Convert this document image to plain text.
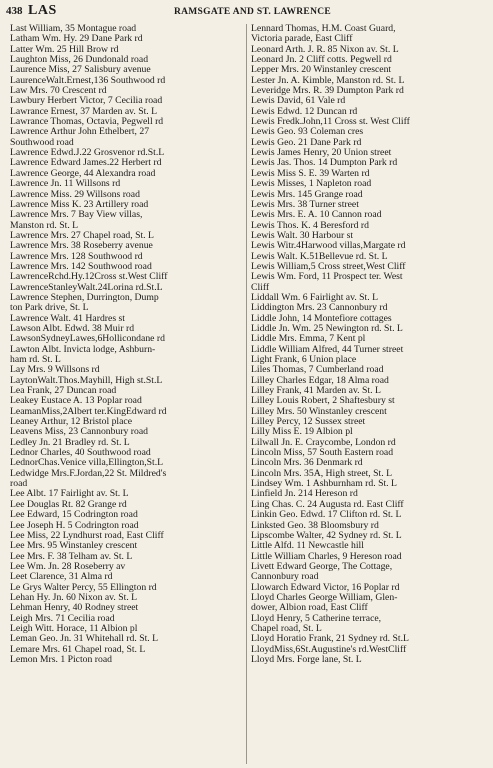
438 LAS	RAMSGATE AND ST. LAWRENCE
Last William, 35 Montague road
Latham Wm. Hy. 29 Dane Park rd
Latter Wm. 25 Hill Brow rd
Laughton Miss, 26 Dundonald road
Laurence Miss, 27 Salisbury avenue
LaurenceWalt.Ernest,136 Southwood rd
Law Mrs. 70 Crescent rd
Lawbury Herbert Victor, 7 Cecilia road
Lawrance Ernest, 37 Marden av. St. L
Lawrance Thomas, Octavia, Pegwell rd
Lawrence Arthur John Ethelbert, 27
Southwood road
Lawrence Edwd.J.22 Grosvenor rd.St.L
Lawrence Edward James.22 Herbert rd
Lawrence George, 44 Alexandra road
Lawrence Jn. 11 Willsons rd
Lawrence Miss. 29 Willsons road
Lawrence Miss K. 23 Artillery road
Lawrence Mrs. 7 Bay View villas,
Manston rd. St. L
Lawrence Mrs. 27 Chapel road, St. L
Lawrence Mrs. 38 Roseberry avenue
Lawrence Mrs. 128 Southwood rd
Lawrence Mrs. 142 Southwood road
LawrenceRchd.Hy.12Cross st.West Cliff
LawrenceStanleyWalt.24Lorina rd.St.L
Lawrence Stephen, Durrington, Dump
ton Park drive, St. L
Lawrence Walt. 41 Hardres st
Lawson Albt. Edwd. 38 Muir rd
LawsonSydneyLawes,6Hollicondane rd
Lawton Albt. Invicta lodge, Ashburn-
ham rd. St. L
Lay Mrs. 9 Willsons rd
LaytonWalt.Thos.Mayhill, High st.St.L
Lea Frank, 27 Duncan road
Leakey Eustace A. 13 Poplar road
LeamanMiss,2Albert ter.KingEdward rd
Leaney Arthur, 12 Bristol place
Leavens Miss, 23 Cannonbury road
Ledley Jn. 21 Bradley rd. St. L
Lednor Charles, 40 Southwood road
LednorChas.Venice villa,Ellington,St.L
Ledwidge Mrs.F.Jordan,22 St. Mildred's
road
Lee Albt. 17 Fairlight av. St. L
Lee Douglas Rt. 82 Grange rd
Lee Edward, 15 Codrington road
Lee Joseph H. 5 Codrington road
Lee Miss, 22 Lyndhurst road, East Cliff
Lee Mrs. 95 Winstanley crescent
Lee Mrs. F. 38 Telham av. St. L
Lee Wm. Jn. 28 Roseberry av
Leet Clarence, 31 Alma rd
Le Grys Walter Percy, 55 Ellington rd
Lehan Hy. Jn. 60 Nixon av. St. L
Lehman Henry, 40 Rodney street
Leigh Mrs. 71 Cecilia road
Leigh Witt. Horace, 11 Albion pl
Leman Geo. Jn. 31 Whitehall rd. St. L
Lemare Mrs. 61 Chapel road, St. L
Lemon Mrs. 1 Picton road
Lennard Thomas, H.M. Coast Guard,
Victoria parade, East Cliff
Leonard Arth. J. R. 85 Nixon av. St. L
Leonard Jn. 2 Cliff cotts. Pegwell rd
Lepper Mrs. 20 Winstanley crescent
Lester Jn. A. Kimble, Manston rd. St. L
Leveridge Mrs. R. 39 Dumpton Park rd
Lewis David, 61 Vale rd
Lewis Edwd. 12 Duncan rd
Lewis Fredk.John,11 Cross st. West Cliff
Lewis Geo. 93 Coleman cres
Lewis Geo. 21 Dane Park rd
Lewis James Henry, 20 Union street
Lewis Jas. Thos. 14 Dumpton Park rd
Lewis Miss S. E. 39 Warten rd
Lewis Misses, 1 Napleton road
Lewis Mrs. 145 Grange road
Lewis Mrs. 38 Turner street
Lewis Mrs. E. A. 10 Cannon road
Lewis Thos. K. 4 Beresford rd
Lewis Walt. 30 Harbour st
Lewis Witr.4Harwood villas,Margate rd
Lewis Walt. K.51Bellevue rd. St. L
Lewis William,5 Cross street,West Cliff
Lewis Wm. Ford, 11 Prospect ter. West
Cliff
Liddall Wm. 6 Fairlight av. St. L
Liddington Mrs. 23 Cannonbury rd
Liddle John, 14 Montefiore cottages
Liddle Jn. Wm. 25 Newington rd. St. L
Liddle Mrs. Emma, 7 Kent pl
Liddle William Alfred, 44 Turner street
Light Frank, 6 Union place
Liles Thomas, 7 Cumberland road
Lilley Charles Edgar, 18 Alma road
Lilley Frank, 41 Marden av. St. L
Lilley Louis Robert, 2 Shaftesbury st
Lilley Mrs. 50 Winstanley crescent
Lilley Percy, 12 Sussex street
Lilly Miss E. 19 Albion pl
Lilwall Jn. E. Craycombe, London rd
Lincoln Miss, 57 South Eastern road
Lincoln Mrs. 36 Denmark rd
Lincoln Mrs. 35A, High street, St. L
Lindsey Wm. 1 Ashburnham rd. St. L
Linfield Jn. 214 Hereson rd
Ling Chas. C. 24 Augusta rd. East Cliff
Linkin Geo. Edwd. 17 Clifton rd. St. L
Linksted Geo. 38 Bloomsbury rd
Lipscombe Walter, 42 Sydney rd. St. L
Little Alfd. 11 Newcastle hill
Little William Charles, 9 Hereson road
Livett Edward George, The Cottage,
Cannonbury road
Llowarch Edward Victor, 16 Poplar rd
Lloyd Charles George William, Glen-
dower, Albion road, East Cliff
Lloyd Henry, 5 Catherine terrace,
Chapel road, St. L
Lloyd Horatio Frank, 21 Sydney rd. St.L
LloydMiss,6St.Augustine's rd.WestCliff
Lloyd Mrs. Forge lane, St. L
